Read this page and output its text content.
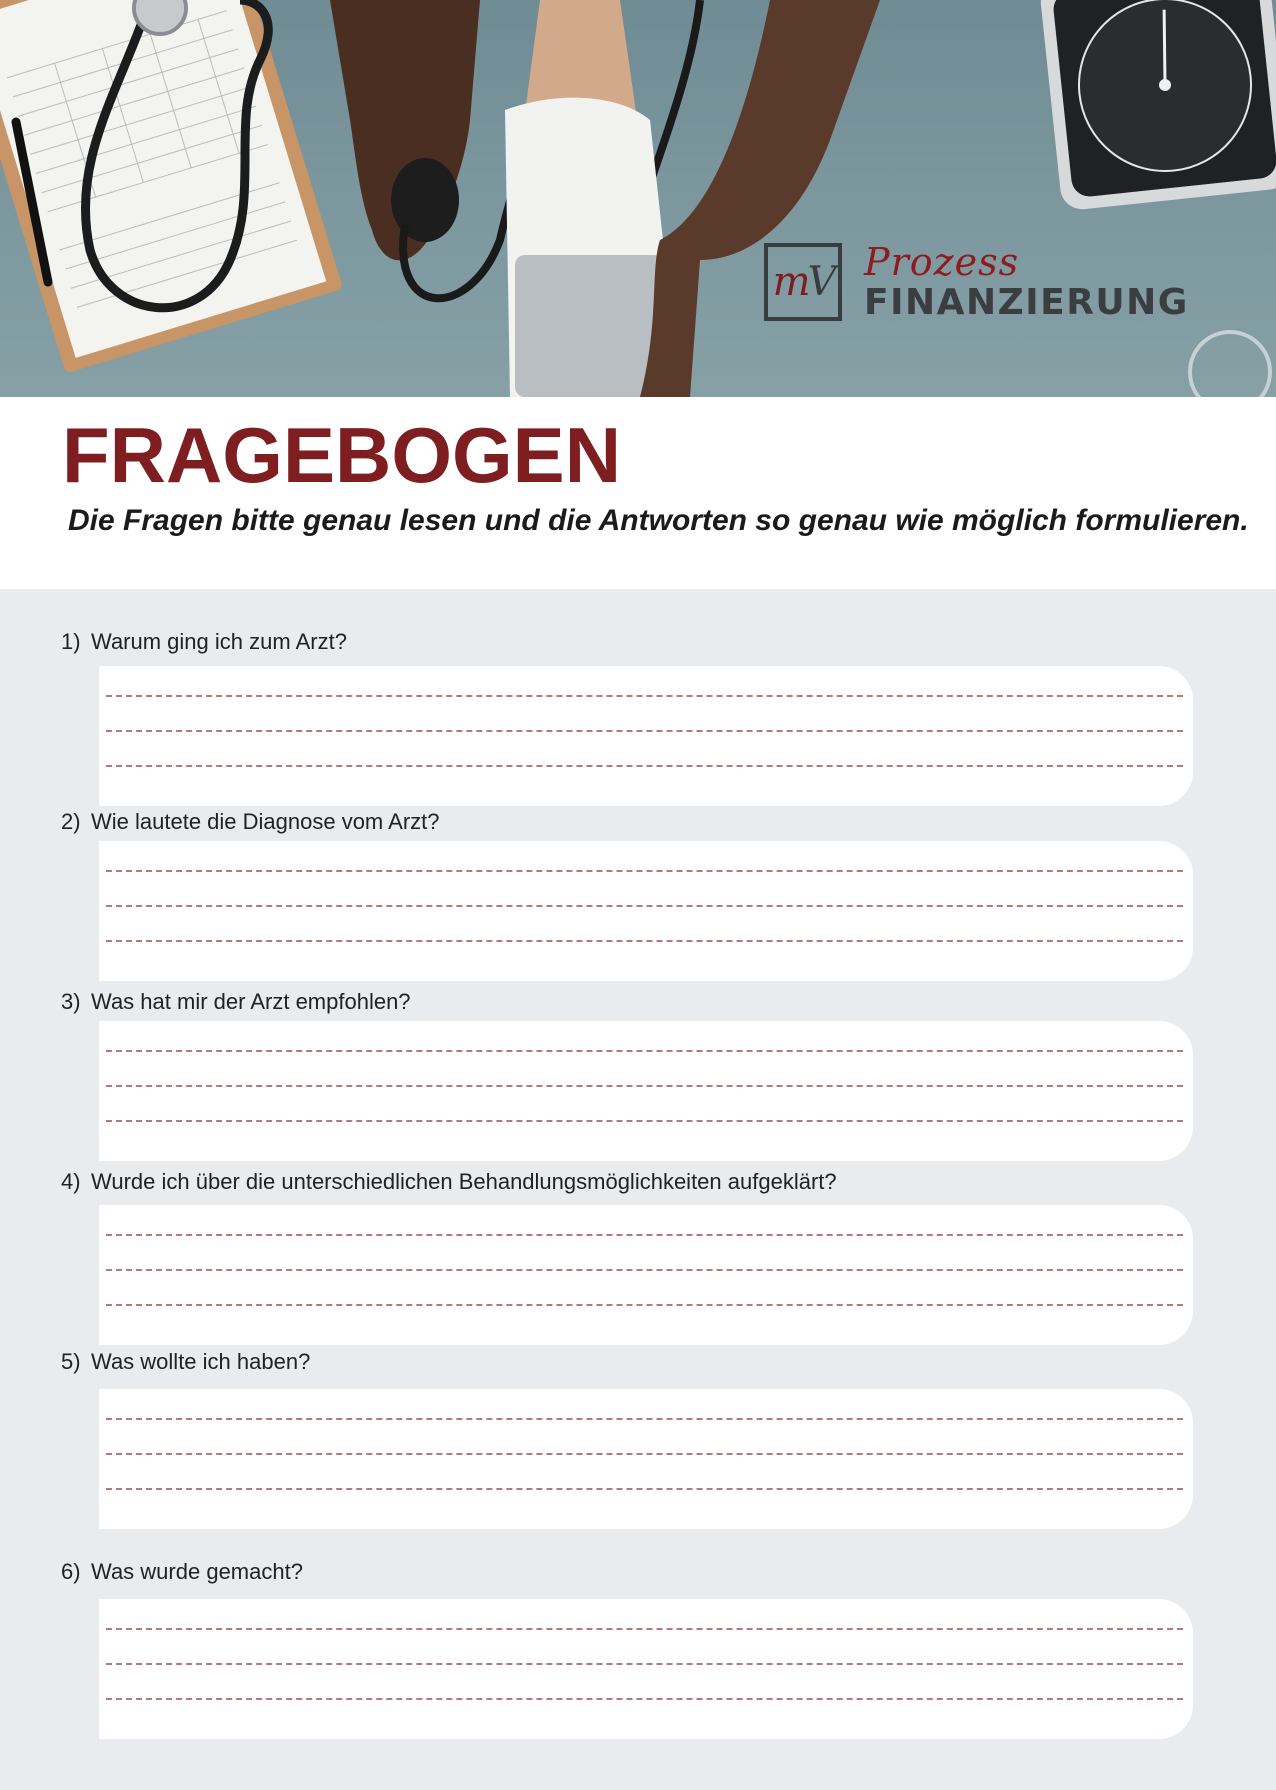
m V Prozess
FINANZIERUNG
FRAGEBOGEN

Die Fragen bitte genau lesen und die Antworten so genau wie möglich formulieren.

1) Warum ging ich zum Arzt?
2) Wie lautete die Diagnose vom Arzt?
3) Was hat mir der Arzt empfohlen?
4) Wurde ich über die unterschiedlichen Behandlungsmöglichkeiten aufgeklärt?
5) Was wollte ich haben?
6) Was wurde gemacht?
